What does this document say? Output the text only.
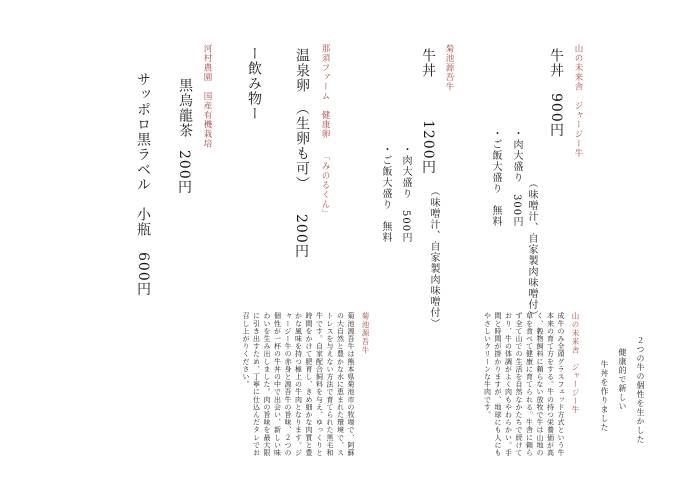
２つの牛の個性を生かした
健康的で新しい
牛丼を作りました
山の未来舎　ジャージー牛
成牛のみ全頭グラスフェッド方式という牛本来の育て方をする。牛の持つ栄養価が高く、穀物飼料に頼らない放牧で牛は山地の草を食べて健康に育てられる。牛舎に頼らず全て山での生活を自然なかたちで続けており、牛の体調がよく肉もやわらかい。手間と時間が掛かりますが、地球にも人にもやさしいクリーンな牛肉です。
菊池源吾牛
菊池源吾牛は熊本県菊池市の牧場で、阿蘇の大自然と豊かな水に恵まれた環境で、ストレスを与えない方法で育てられた黒毛和牛です。自家配合飼料を与え、ゆっくりと時間をかけて肥育し、きめ細かな肉質と豊かな風味を持つ極上の牛肉となります。ジャージー牛の赤身と源吾牛の旨味、２つの個性が一杯の牛丼の中で出会い、新しい味わいを生み出しました。肉の旨味を最大限に引き出すため、丁寧に仕込んだタレでお召し上がりください。
山の未来舎　ジャージー牛
牛丼　900円
（味噌汁、自家製肉味噌付）
・肉大盛り　300円
・ご飯大盛り　無料
菊池源吾牛
牛丼
1200円
（味噌汁、自家製肉味噌付）
・肉大盛り　500円
・ご飯大盛り　無料
那須ファーム　健康卵
「みのるくん」
温泉卵　（生卵も可）
200円
ー飲み物ー
河村農園　国産有機栽培
黒烏龍茶
200円
サッポロ黒ラベル　小瓶　600円
